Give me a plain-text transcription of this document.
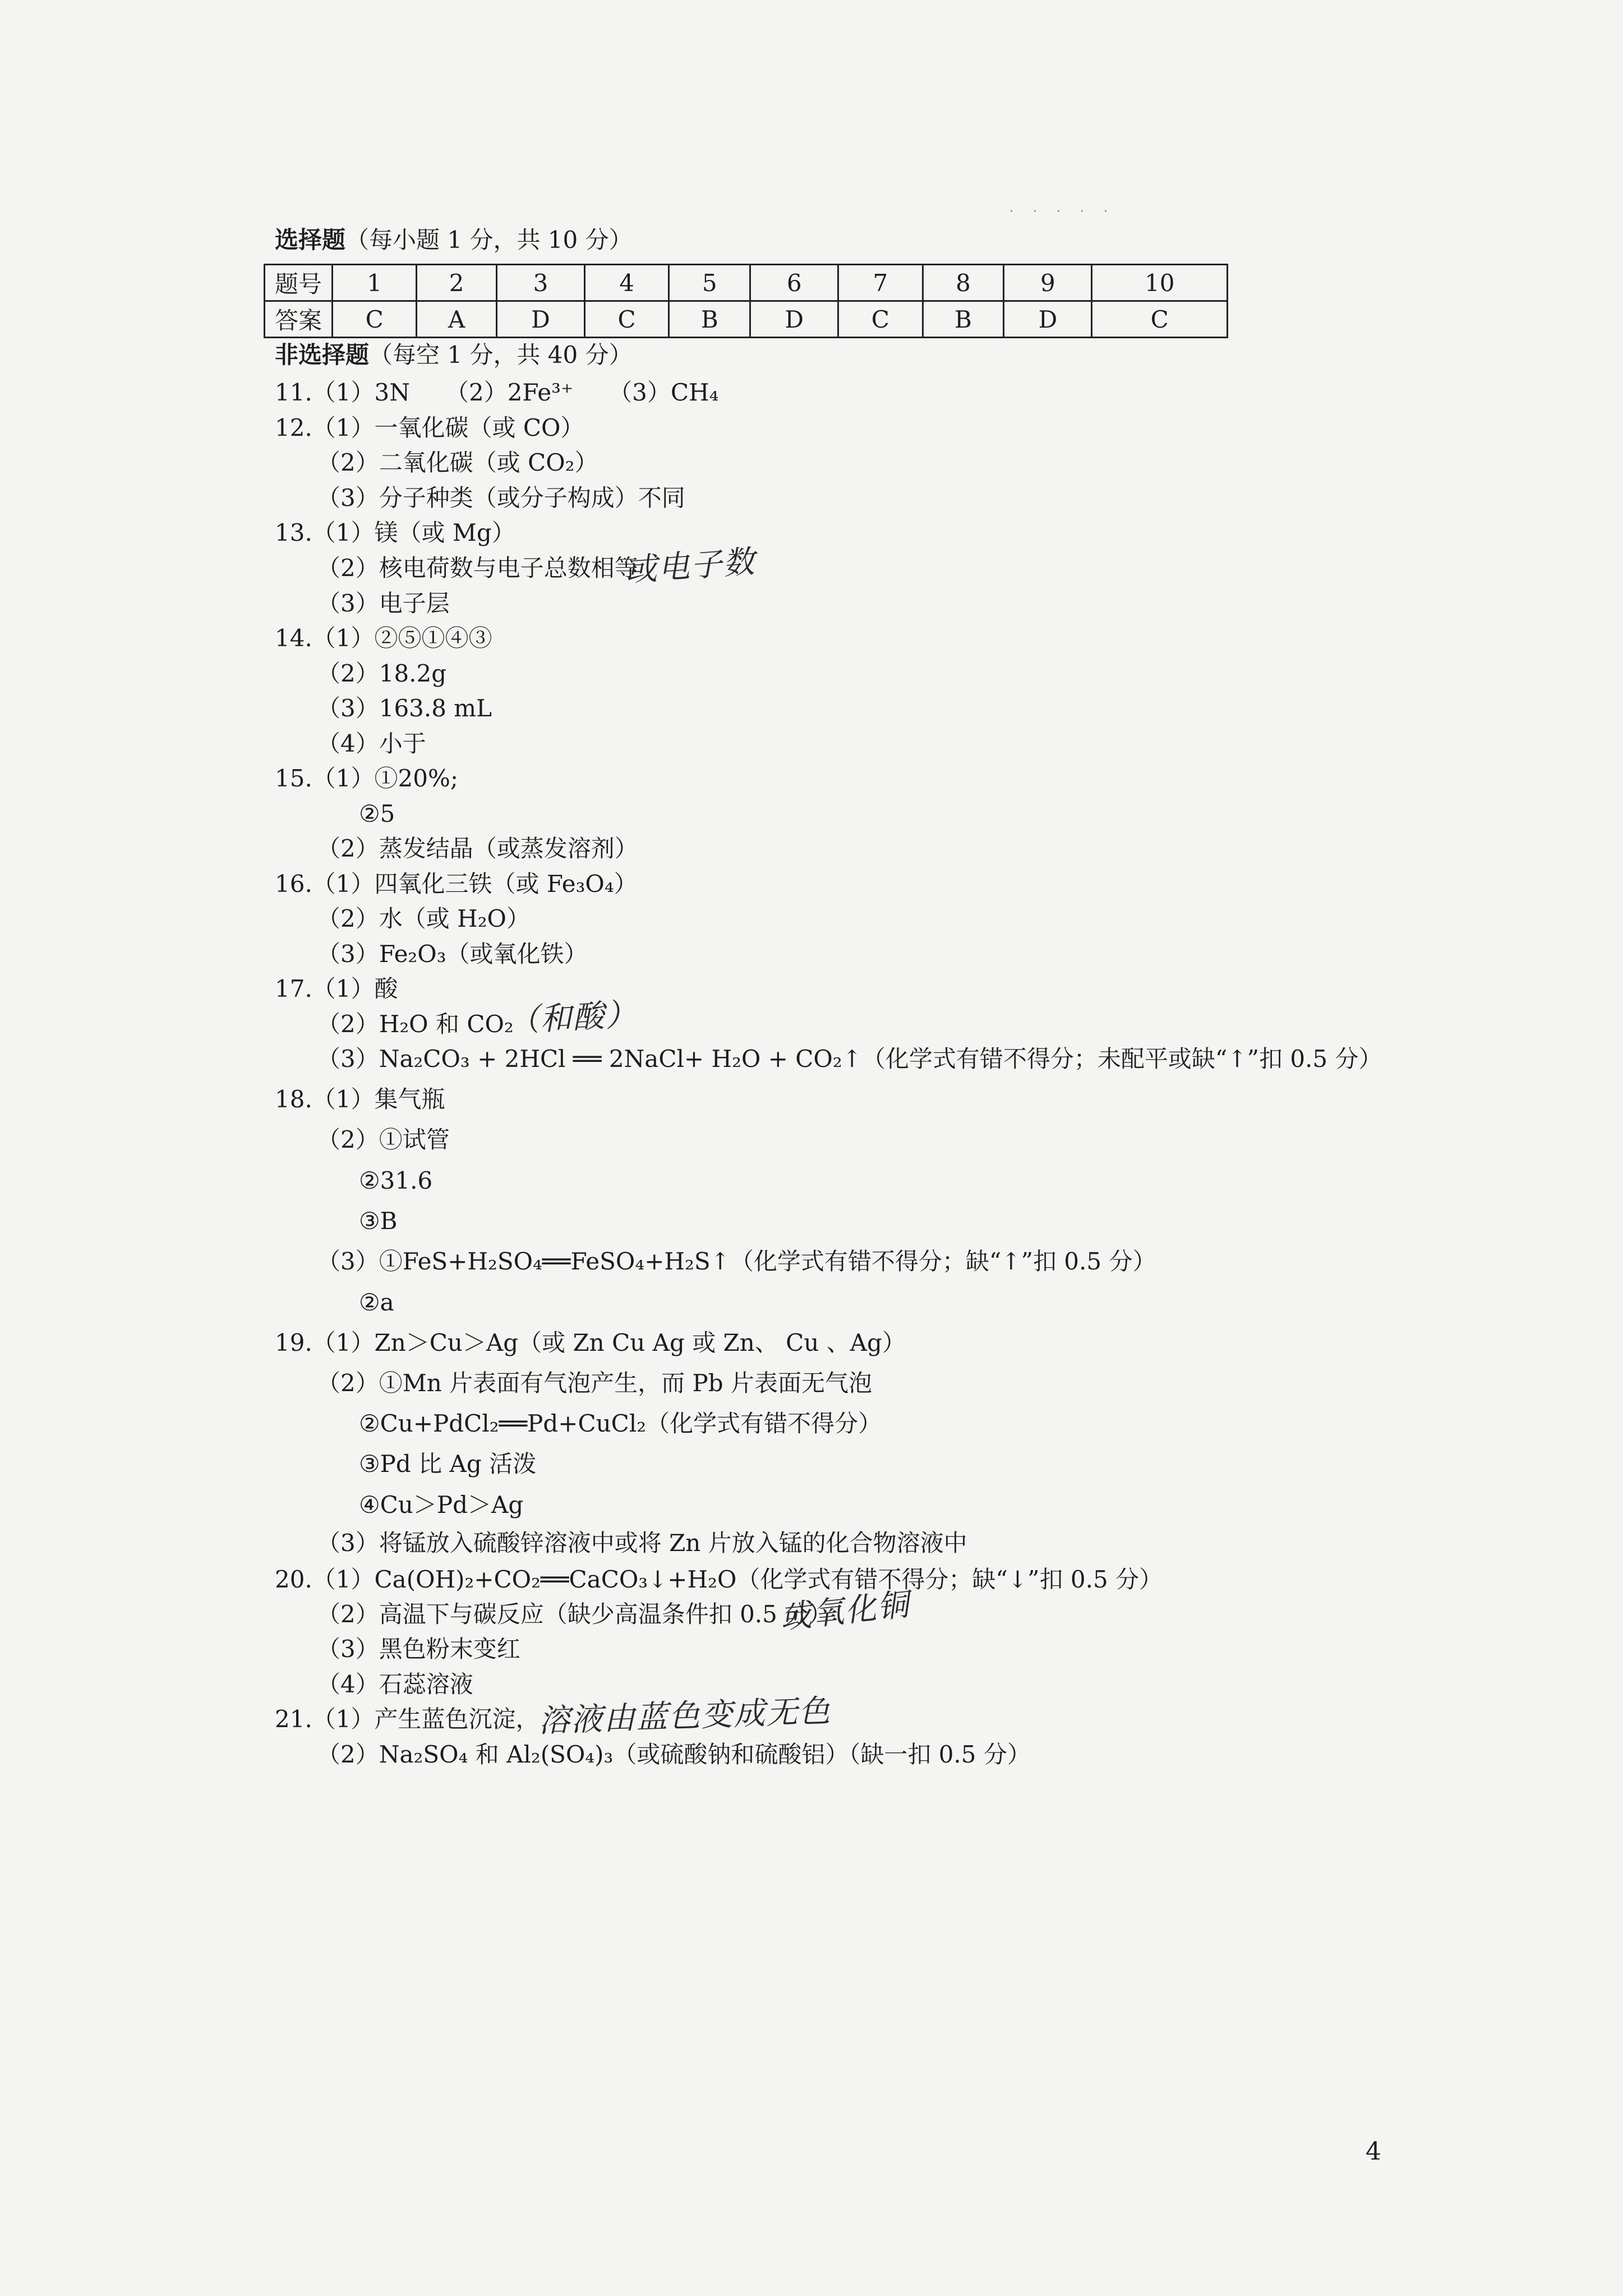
· · · · ·
选择题（每小题 1 分，共 10 分）
题号	1	2	3	4	5	6	7	8	9	10
答案	C	A	D	C	B	D	C	B	D	C
非选择题（每空 1 分，共 40 分）
11.（1）3N　　（2）2Fe³⁺　　（3）CH₄
12.（1）一氧化碳（或 CO）
（2）二氧化碳（或 CO₂）
（3）分子种类（或分子构成）不同
13.（1）镁（或 Mg）
（2）核电荷数与电子总数相等
（3）电子层
14.（1）②⑤①④③
（2）18.2g
（3）163.8 mL
（4）小于
15.（1）①20%;
②5
（2）蒸发结晶（或蒸发溶剂）
16.（1）四氧化三铁（或 Fe₃O₄）
（2）水（或 H₂O）
（3）Fe₂O₃（或氧化铁）
17.（1）酸
（2）H₂O 和 CO₂
（3）Na₂CO₃ + 2HCl ══ 2NaCl+ H₂O + CO₂↑（化学式有错不得分；未配平或缺“↑”扣 0.5 分）
18.（1）集气瓶
（2）①试管
②31.6
③B
（3）①FeS+H₂SO₄══FeSO₄+H₂S↑（化学式有错不得分；缺“↑”扣 0.5 分）
②a
19.（1）Zn＞Cu＞Ag（或 Zn Cu Ag 或 Zn、 Cu 、Ag）
（2）①Mn 片表面有气泡产生，而 Pb 片表面无气泡
②Cu+PdCl₂══Pd+CuCl₂（化学式有错不得分）
③Pd 比 Ag 活泼
④Cu＞Pd＞Ag
（3）将锰放入硫酸锌溶液中或将 Zn 片放入锰的化合物溶液中
20.（1）Ca(OH)₂+CO₂══CaCO₃↓+H₂O（化学式有错不得分；缺“↓”扣 0.5 分）
（2）高温下与碳反应（缺少高温条件扣 0.5 分）
（3）黑色粉末变红
（4）石蕊溶液
21.（1）产生蓝色沉淀，
（2）Na₂SO₄ 和 Al₂(SO₄)₃（或硫酸钠和硫酸铝）（缺一扣 0.5 分）
或电子数
（和酸）
或氧化铜
溶液由蓝色变成无色
4
